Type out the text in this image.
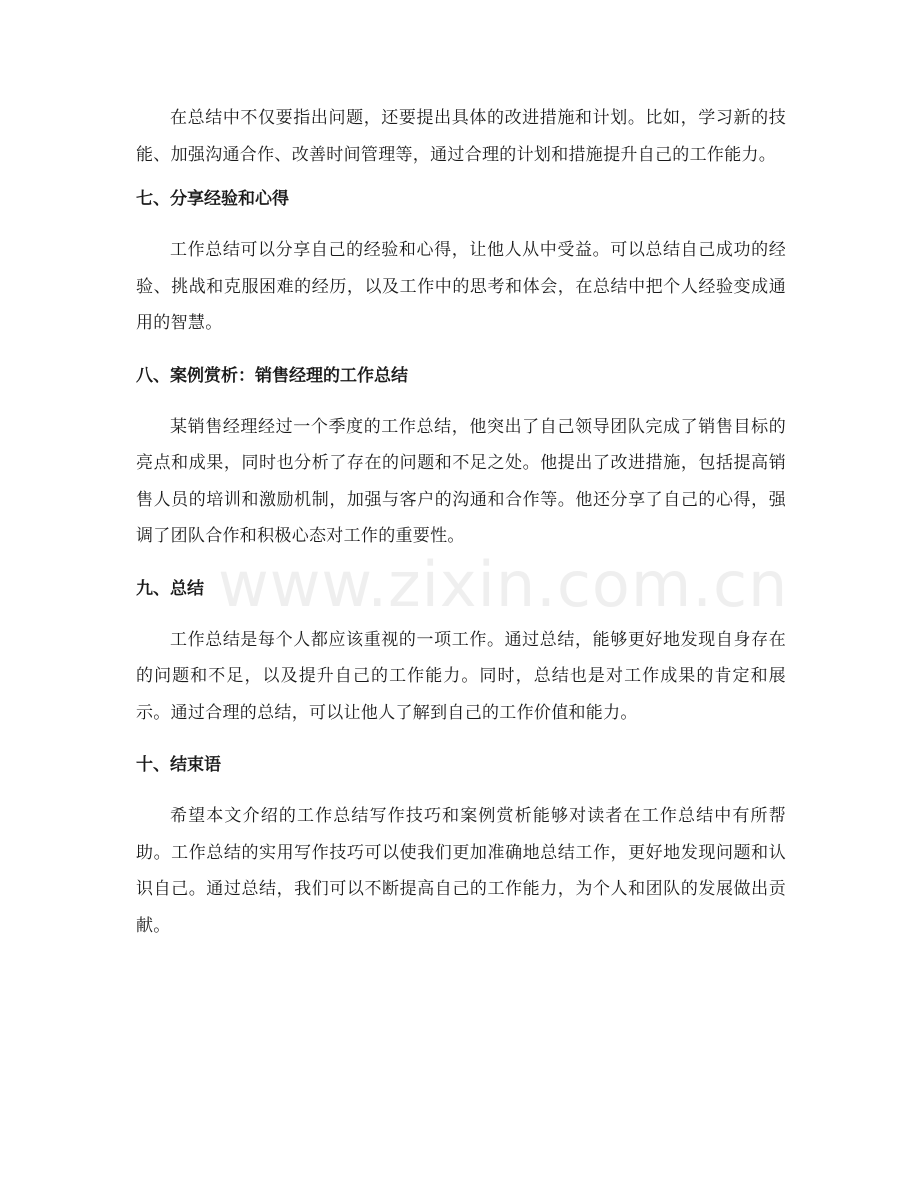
在总结中不仅要指出问题，还要提出具体的改进措施和计划。比如，学习新的技能、加强沟通合作、改善时间管理等，通过合理的计划和措施提升自己的工作能力。

七、分享经验和心得

工作总结可以分享自己的经验和心得，让他人从中受益。可以总结自己成功的经验、挑战和克服困难的经历，以及工作中的思考和体会，在总结中把个人经验变成通用的智慧。

八、案例赏析：销售经理的工作总结

某销售经理经过一个季度的工作总结，他突出了自己领导团队完成了销售目标的亮点和成果，同时也分析了存在的问题和不足之处。他提出了改进措施，包括提高销售人员的培训和激励机制，加强与客户的沟通和合作等。他还分享了自己的心得，强调了团队合作和积极心态对工作的重要性。

九、总结

工作总结是每个人都应该重视的一项工作。通过总结，能够更好地发现自身存在的问题和不足，以及提升自己的工作能力。同时，总结也是对工作成果的肯定和展示。通过合理的总结，可以让他人了解到自己的工作价值和能力。

十、结束语

希望本文介绍的工作总结写作技巧和案例赏析能够对读者在工作总结中有所帮助。工作总结的实用写作技巧可以使我们更加准确地总结工作，更好地发现问题和认识自己。通过总结，我们可以不断提高自己的工作能力，为个人和团队的发展做出贡献。

www.zixin.com.cn
